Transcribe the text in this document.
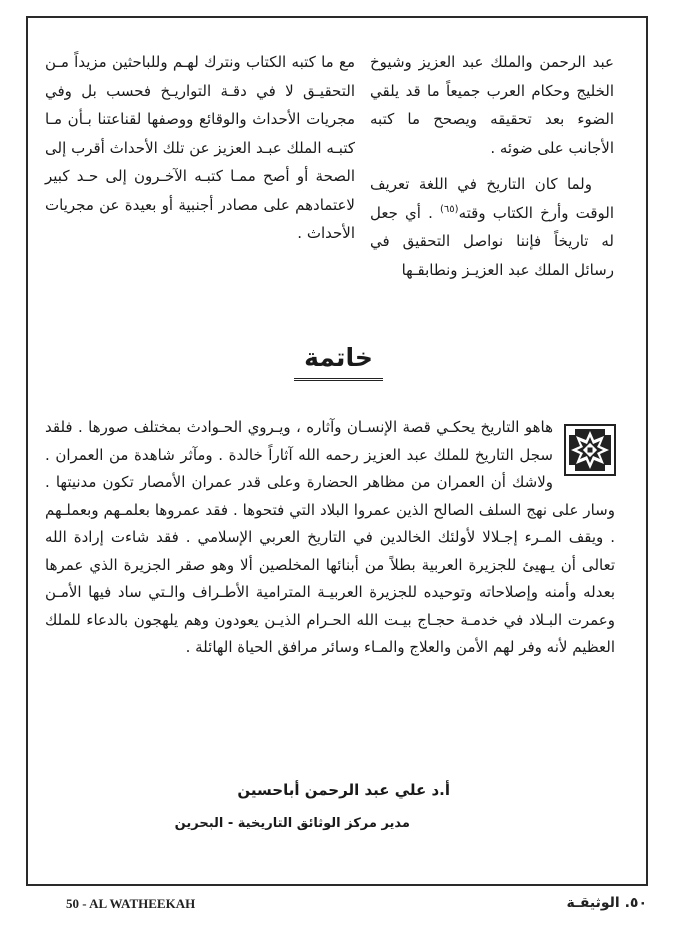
عبد الرحمن والملك عبد العزيز وشيوخ الخليج وحكام العرب جميعاً ما قد يلقي الضوء بعد تحقيقه ويصحح ما كتبه الأجانب على ضوئه .

ولما كان التاريخ في اللغة تعريف الوقت وأرخ الكتاب وقته$^{(٦٥)}$ . أي جعل له تاريخاً فإننا نواصل التحقيق في رسائل الملك عبد العزيـز ونطابقـها

مع ما كتبه الكتاب ونترك لهـم وللباحثين مزيداً مـن التحقيـق لا في دقـة التواريـخ فحسب بل وفي مجريات الأحداث والوقائع ووصفها لقناعتنا بـأن مـا كتبـه الملك عبـد العزيز عن تلك الأحداث أقرب إلى الصحة أو أصح ممـا كتبـه الآخـرون إلى حـد كبير لاعتمادهم على مصادر أجنبية أو بعيدة عن مجريات الأحداث .

خاتمة
هاهو التاريخ يحكـي قصة الإنسـان وآثاره ، ويـروي الحـوادث بمختلف صورها . فلقد سجل التاريخ للملك عبد العزيز رحمه الله آثاراً خالدة . ومآثر شاهدة من العمران . ولاشك أن العمران من مظاهر الحضارة وعلى قدر عمران الأمصار تكون مدنيتها . وسار على نهج السلف الصالح الذين عمروا البلاد التي فتحوها . فقد عمروها بعلمـهم وبعملـهم . ويقف المـرء إجـلالا لأولئك الخالدين في التاريخ العربي الإسلامي . فقد شاءت إرادة الله تعالى أن يـهيئ للجزيرة العربية بطلاً من أبنائها المخلصين ألا وهو صقر الجزيرة الذي عمرها بعدله وأمنه وإصلاحاته وتوحيده للجزيرة العربيـة المترامية الأطـراف والـتي ساد فيها الأمـن وعمرت البـلاد في خدمـة حجـاج بيـت الله الحـرام الذيـن يعودون وهم يلهجون بالدعاء للملك العظيم لأنه وفر لهم الأمن والعلاج والمـاء وسائر مرافق الحياة الهائلة .
أ.د علي عبد الرحمن أباحسين
مدير مركز الوثائق التاريخية - البحرين
50 - AL WATHEEKAH	٥٠. الوثيقـة
